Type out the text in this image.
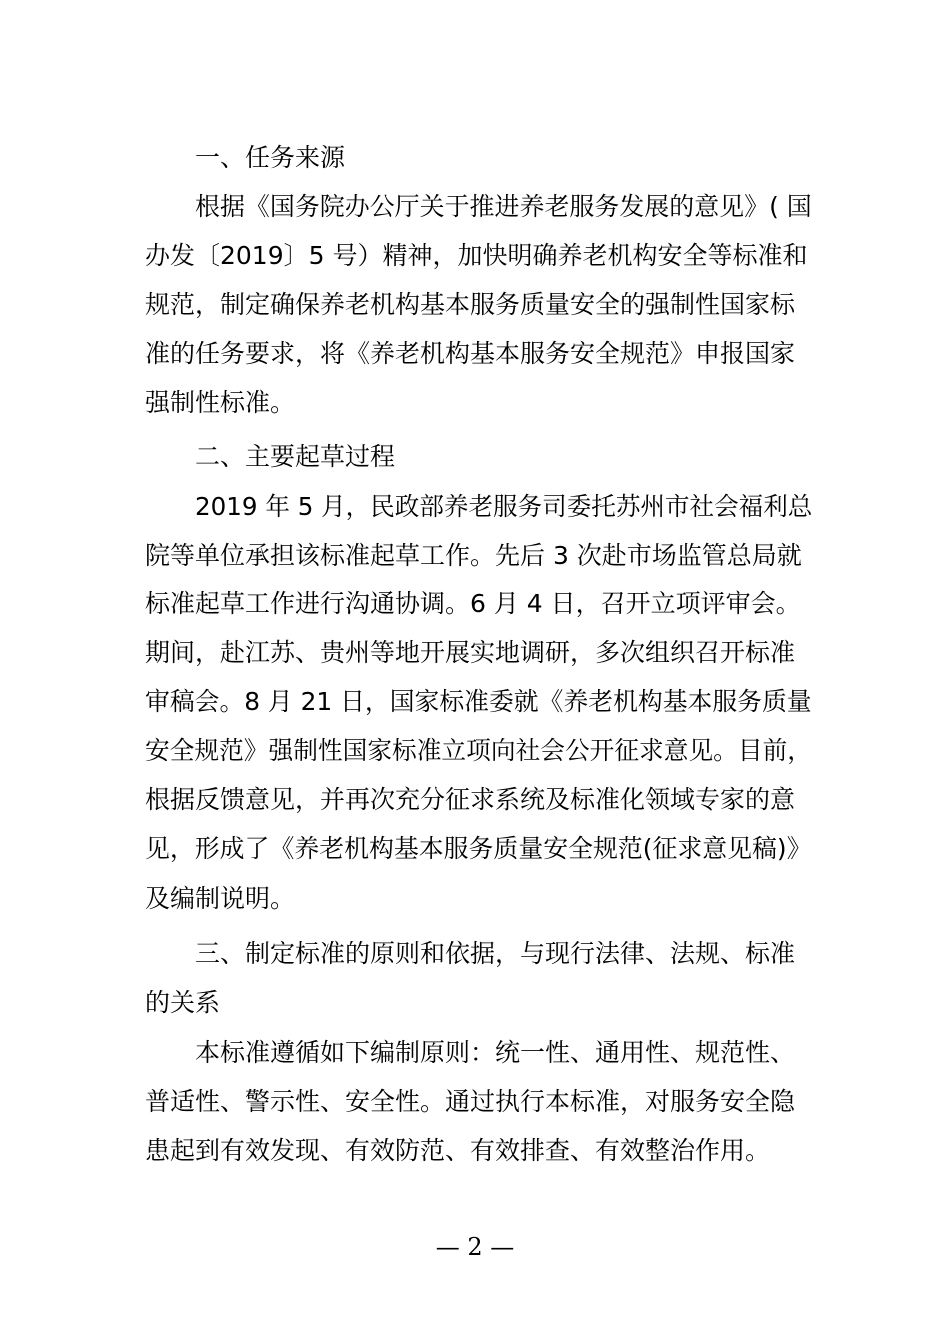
一、任务来源
根据《国务院办公厅关于推进养老服务发展的意见》( 国
办发〔2019〕5 号）精神，加快明确养老机构安全等标准和
规范，制定确保养老机构基本服务质量安全的强制性国家标
准的任务要求，将《养老机构基本服务安全规范》申报国家
强制性标准。
二、主要起草过程
2019 年 5 月，民政部养老服务司委托苏州市社会福利总
院等单位承担该标准起草工作。先后 3 次赴市场监管总局就
标准起草工作进行沟通协调。6 月 4 日，召开立项评审会。
期间，赴江苏、贵州等地开展实地调研，多次组织召开标准
审稿会。8 月 21 日，国家标准委就《养老机构基本服务质量
安全规范》强制性国家标准立项向社会公开征求意见。目前，
根据反馈意见，并再次充分征求系统及标准化领域专家的意
见，形成了《养老机构基本服务质量安全规范(征求意见稿)》
及编制说明。
三、制定标准的原则和依据，与现行法律、法规、标准
的关系
本标准遵循如下编制原则：统一性、通用性、规范性、
普适性、警示性、安全性。通过执行本标准，对服务安全隐
患起到有效发现、有效防范、有效排查、有效整治作用。
— 2 —
